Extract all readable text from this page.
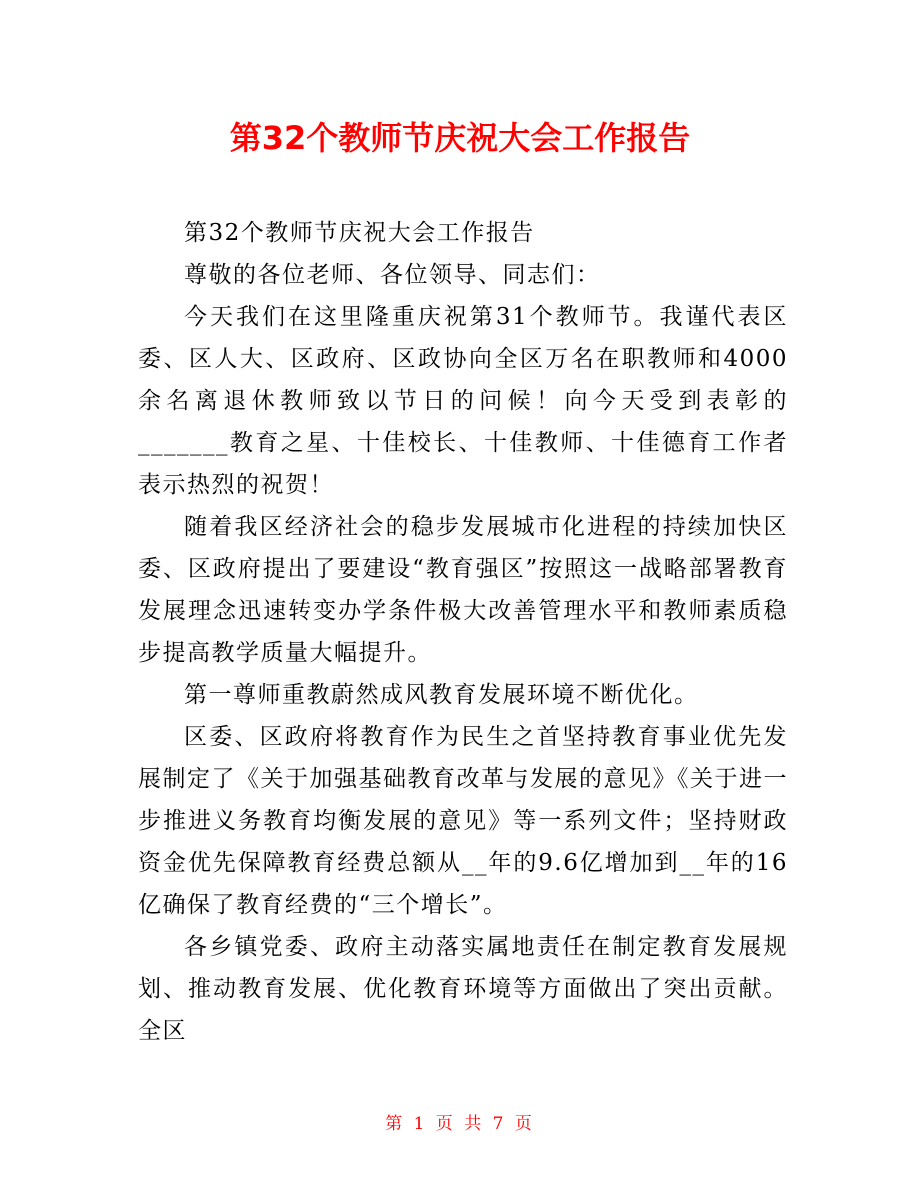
第32个教师节庆祝大会工作报告

第32个教师节庆祝大会工作报告

尊敬的各位老师、各位领导、同志们：

今天我们在这里隆重庆祝第31个教师节。我谨代表区委、区人大、区政府、区政协向全区万名在职教师和4000余名离退休教师致以节日的问候！向今天受到表彰的_______教育之星、十佳校长、十佳教师、十佳德育工作者表示热烈的祝贺！

随着我区经济社会的稳步发展城市化进程的持续加快区委、区政府提出了要建设“教育强区”按照这一战略部署教育发展理念迅速转变办学条件极大改善管理水平和教师素质稳步提高教学质量大幅提升。

第一尊师重教蔚然成风教育发展环境不断优化。

区委、区政府将教育作为民生之首坚持教育事业优先发展制定了《关于加强基础教育改革与发展的意见》《关于进一步推进义务教育均衡发展的意见》等一系列文件；坚持财政资金优先保障教育经费总额从__年的9.6亿增加到__年的16亿确保了教育经费的“三个增长”。

各乡镇党委、政府主动落实属地责任在制定教育发展规划、推动教育发展、优化教育环境等方面做出了突出贡献。全区

第 1 页 共 7 页
